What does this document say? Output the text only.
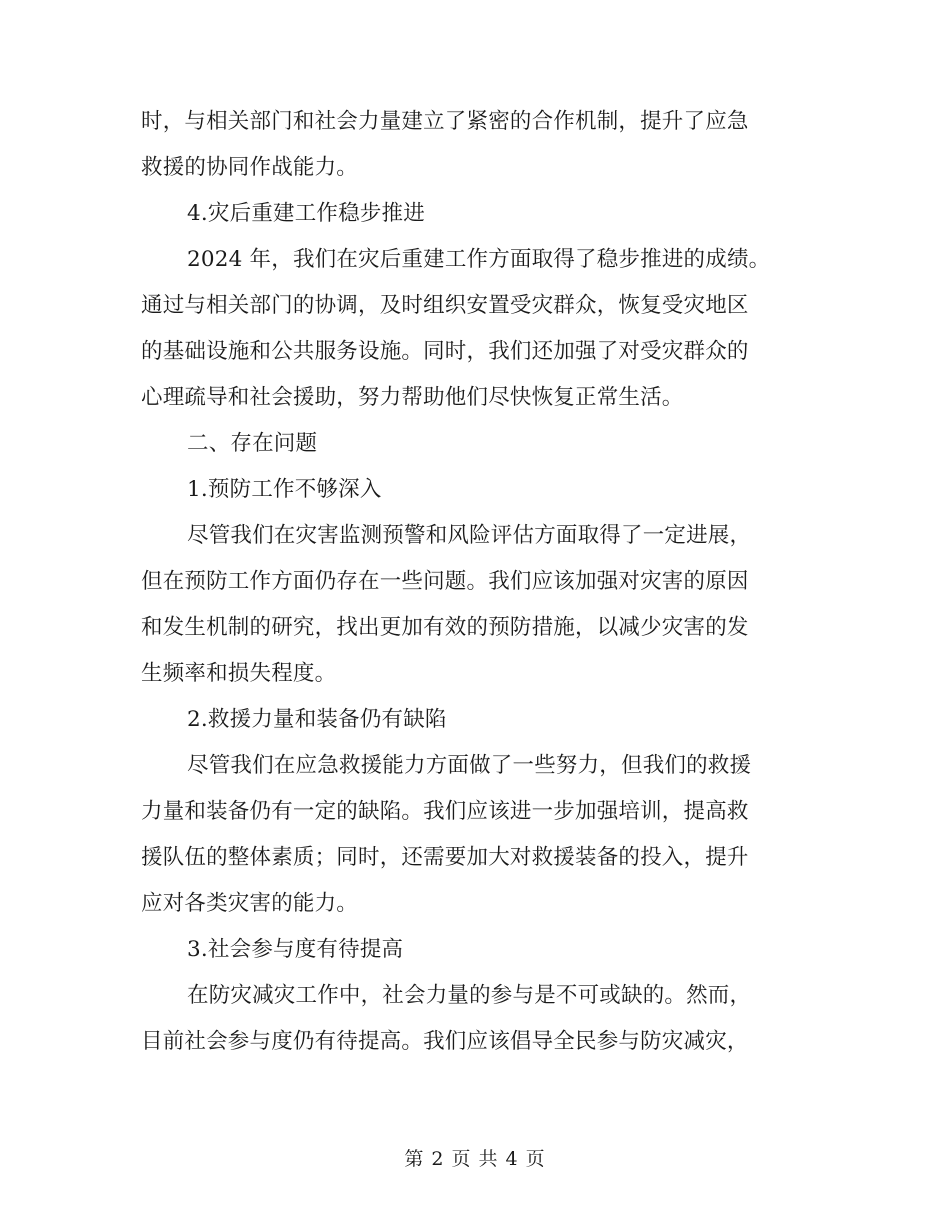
时，与相关部门和社会力量建立了紧密的合作机制，提升了应急
救援的协同作战能力。
4.灾后重建工作稳步推进
2024 年，我们在灾后重建工作方面取得了稳步推进的成绩。
通过与相关部门的协调，及时组织安置受灾群众，恢复受灾地区
的基础设施和公共服务设施。同时，我们还加强了对受灾群众的
心理疏导和社会援助，努力帮助他们尽快恢复正常生活。
二、存在问题
1.预防工作不够深入
尽管我们在灾害监测预警和风险评估方面取得了一定进展，
但在预防工作方面仍存在一些问题。我们应该加强对灾害的原因
和发生机制的研究，找出更加有效的预防措施，以减少灾害的发
生频率和损失程度。
2.救援力量和装备仍有缺陷
尽管我们在应急救援能力方面做了一些努力，但我们的救援
力量和装备仍有一定的缺陷。我们应该进一步加强培训，提高救
援队伍的整体素质；同时，还需要加大对救援装备的投入，提升
应对各类灾害的能力。
3.社会参与度有待提高
在防灾减灾工作中，社会力量的参与是不可或缺的。然而，
目前社会参与度仍有待提高。我们应该倡导全民参与防灾减灾，
第 2 页 共 4 页
